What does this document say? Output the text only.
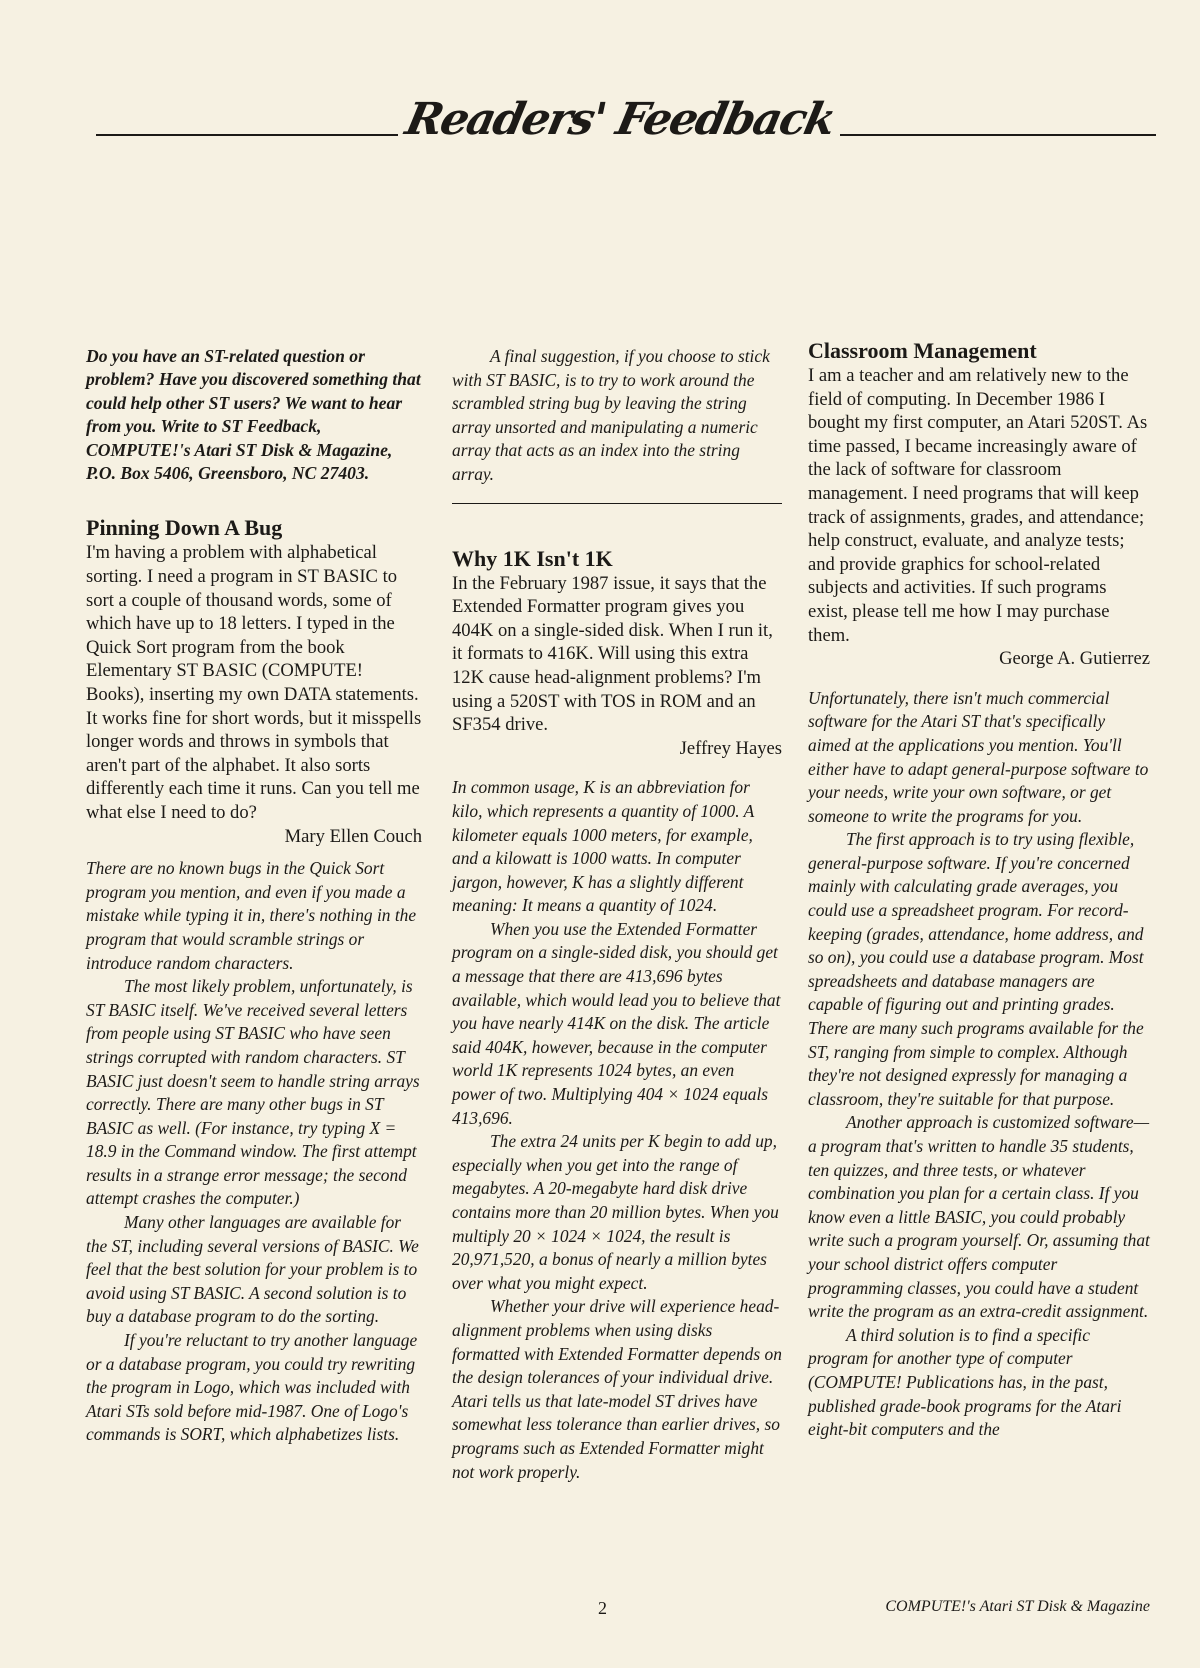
Readers' Feedback

Do you have an ST-related question or problem? Have you discovered something that could help other ST users? We want to hear from you. Write to ST Feedback, COMPUTE!'s Atari ST Disk & Magazine, P.O. Box 5406, Greensboro, NC 27403.

Pinning Down A Bug

I'm having a problem with alphabetical sorting. I need a program in ST BASIC to sort a couple of thousand words, some of which have up to 18 letters. I typed in the Quick Sort program from the book Elementary ST BASIC (COMPUTE! Books), inserting my own DATA statements. It works fine for short words, but it misspells longer words and throws in symbols that aren't part of the alphabet. It also sorts differently each time it runs. Can you tell me what else I need to do?

Mary Ellen Couch

There are no known bugs in the Quick Sort program you mention, and even if you made a mistake while typing it in, there's nothing in the program that would scramble strings or introduce random characters.

The most likely problem, unfortunately, is ST BASIC itself. We've received several letters from people using ST BASIC who have seen strings corrupted with random characters. ST BASIC just doesn't seem to handle string arrays correctly. There are many other bugs in ST BASIC as well. (For instance, try typing X = 18.9 in the Command window. The first attempt results in a strange error message; the second attempt crashes the computer.)

Many other languages are available for the ST, including several versions of BASIC. We feel that the best solution for your problem is to avoid using ST BASIC. A second solution is to buy a database program to do the sorting.

If you're reluctant to try another language or a database program, you could try rewriting the program in Logo, which was included with Atari STs sold before mid-1987. One of Logo's commands is SORT, which alphabetizes lists.

A final suggestion, if you choose to stick with ST BASIC, is to try to work around the scrambled string bug by leaving the string array unsorted and manipulating a numeric array that acts as an index into the string array.

Why 1K Isn't 1K

In the February 1987 issue, it says that the Extended Formatter program gives you 404K on a single-sided disk. When I run it, it formats to 416K. Will using this extra 12K cause head-alignment problems? I'm using a 520ST with TOS in ROM and an SF354 drive.

Jeffrey Hayes

In common usage, K is an abbreviation for kilo, which represents a quantity of 1000. A kilometer equals 1000 meters, for example, and a kilowatt is 1000 watts. In computer jargon, however, K has a slightly different meaning: It means a quantity of 1024.

When you use the Extended Formatter program on a single-sided disk, you should get a message that there are 413,696 bytes available, which would lead you to believe that you have nearly 414K on the disk. The article said 404K, however, because in the computer world 1K represents 1024 bytes, an even power of two. Multiplying 404 × 1024 equals 413,696.

The extra 24 units per K begin to add up, especially when you get into the range of megabytes. A 20-megabyte hard disk drive contains more than 20 million bytes. When you multiply 20 × 1024 × 1024, the result is 20,971,520, a bonus of nearly a million bytes over what you might expect.

Whether your drive will experience head-alignment problems when using disks formatted with Extended Formatter depends on the design tolerances of your individual drive. Atari tells us that late-model ST drives have somewhat less tolerance than earlier drives, so programs such as Extended Formatter might not work properly.

Classroom Management

I am a teacher and am relatively new to the field of computing. In December 1986 I bought my first computer, an Atari 520ST. As time passed, I became increasingly aware of the lack of software for classroom management. I need programs that will keep track of assignments, grades, and attendance; help construct, evaluate, and analyze tests; and provide graphics for school-related subjects and activities. If such programs exist, please tell me how I may purchase them.

George A. Gutierrez

Unfortunately, there isn't much commercial software for the Atari ST that's specifically aimed at the applications you mention. You'll either have to adapt general-purpose software to your needs, write your own software, or get someone to write the programs for you.

The first approach is to try using flexible, general-purpose software. If you're concerned mainly with calculating grade averages, you could use a spreadsheet program. For record-keeping (grades, attendance, home address, and so on), you could use a database program. Most spreadsheets and database managers are capable of figuring out and printing grades. There are many such programs available for the ST, ranging from simple to complex. Although they're not designed expressly for managing a classroom, they're suitable for that purpose.

Another approach is customized software—a program that's written to handle 35 students, ten quizzes, and three tests, or whatever combination you plan for a certain class. If you know even a little BASIC, you could probably write such a program yourself. Or, assuming that your school district offers computer programming classes, you could have a student write the program as an extra-credit assignment.

A third solution is to find a specific program for another type of computer (COMPUTE! Publications has, in the past, published grade-book programs for the Atari eight-bit computers and the

2	COMPUTE!'s Atari ST Disk & Magazine
